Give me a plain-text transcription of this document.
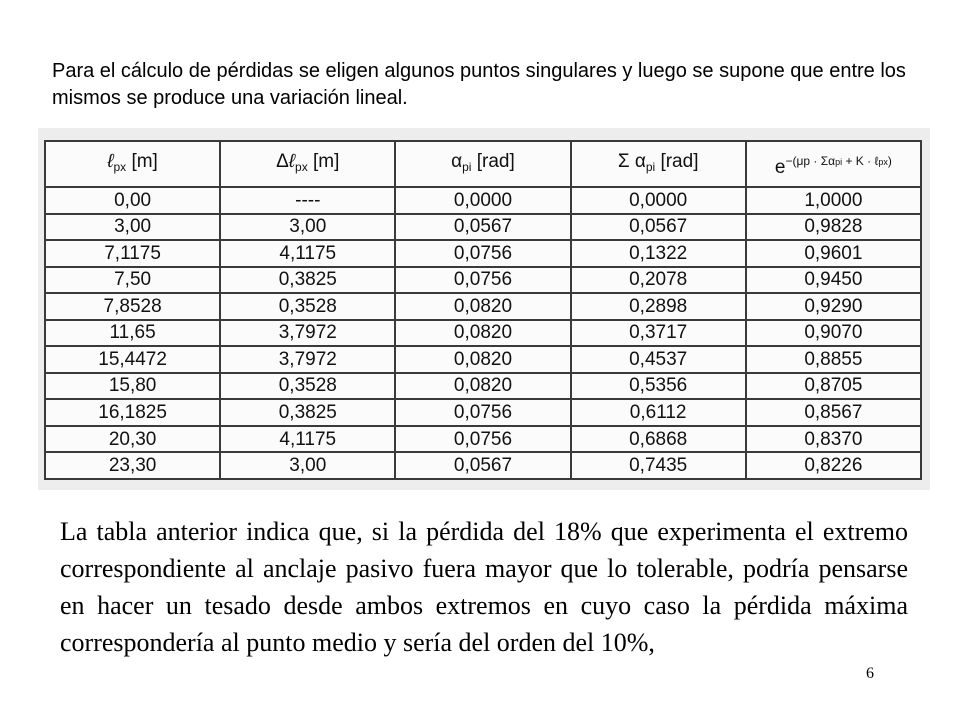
Para el cálculo de pérdidas se eligen algunos puntos singulares y luego se supone que entre los mismos se produce una variación lineal.

ℓ$_{px}$ [m]	Δℓ$_{px}$ [m]	$\alpha_{pi}$ [rad]	Σ $\alpha_{pi}$ [rad]	$e^{-(\mu p \cdot \Sigma\alpha pi + K \cdot \ell px)}$
0,00	----	0,0000	0,0000	1,0000
3,00	3,00	0,0567	0,0567	0,9828
7,1175	4,1175	0,0756	0,1322	0,9601
7,50	0,3825	0,0756	0,2078	0,9450
7,8528	0,3528	0,0820	0,2898	0,9290
11,65	3,7972	0,0820	0,3717	0,9070
15,4472	3,7972	0,0820	0,4537	0,8855
15,80	0,3528	0,0820	0,5356	0,8705
16,1825	0,3825	0,0756	0,6112	0,8567
20,30	4,1175	0,0756	0,6868	0,8370
23,30	3,00	0,0567	0,7435	0,8226

La tabla anterior indica que, si la pérdida del 18% que experimenta el extremo correspondiente al anclaje pasivo fuera mayor que lo tolerable, podría pensarse en hacer un tesado desde ambos extremos en cuyo caso la pérdida máxima correspondería al punto medio y sería del orden del 10%,

6
